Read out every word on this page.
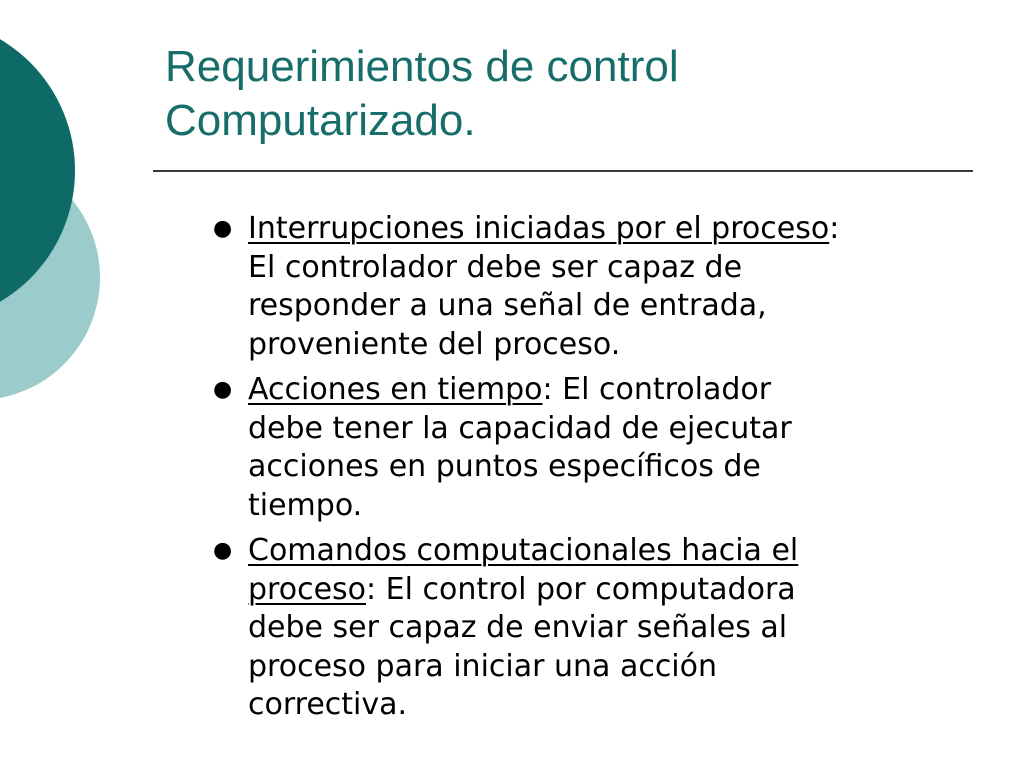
Requerimientos de control
Computarizado.
● Interrupciones iniciadas por el proceso:
El controlador debe ser capaz de
responder a una señal de entrada,
proveniente del proceso.
● Acciones en tiempo: El controlador
debe tener la capacidad de ejecutar
acciones en puntos específicos de
tiempo.
● Comandos computacionales hacia el
proceso: El control por computadora
debe ser capaz de enviar señales al
proceso para iniciar una acción
correctiva.
